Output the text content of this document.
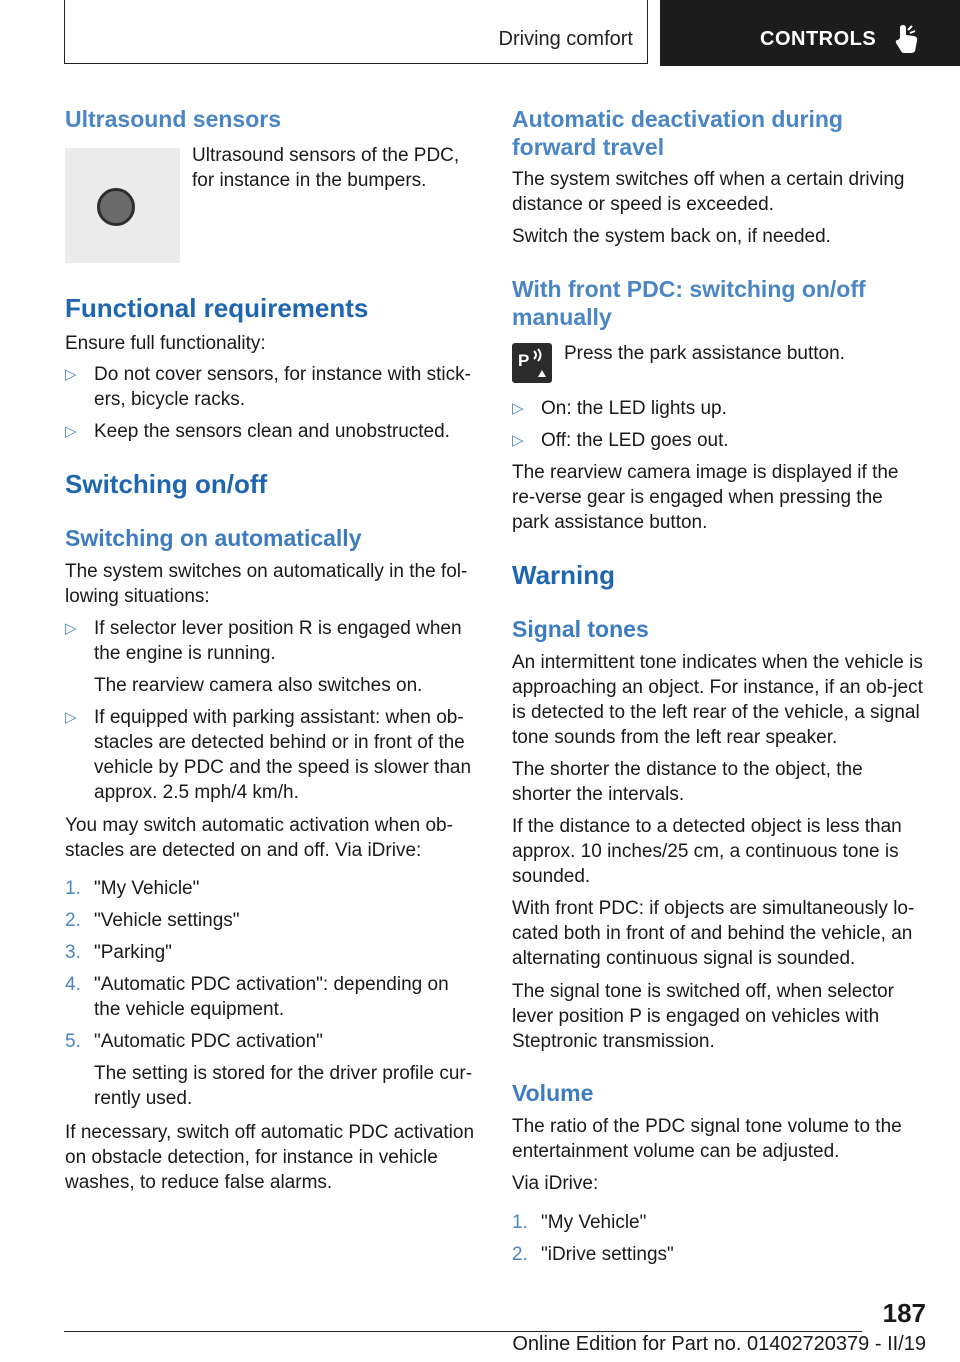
Driving comfort	CONTROLS
Ultrasound sensors

Ultrasound sensors of the PDC, for instance in the bumpers.

Functional requirements

Ensure full functionality:

▷ Do not cover sensors, for instance with stick-ers, bicycle racks.
▷ Keep the sensors clean and unobstructed.
Switching on/off
Switching on automatically

The system switches on automatically in the fol-lowing situations:

▷ If selector lever position R is engaged when the engine is running.
The rearview camera also switches on.
▷ If equipped with parking assistant: when ob-stacles are detected behind or in front of the vehicle by PDC and the speed is slower than approx. 2.5 mph/4 km/h.

You may switch automatic activation when ob-stacles are detected on and off. Via iDrive:

1. "My Vehicle"
2. "Vehicle settings"
3. "Parking"
4. "Automatic PDC activation": depending on the vehicle equipment.
5. "Automatic PDC activation"
The setting is stored for the driver profile cur-rently used.

If necessary, switch off automatic PDC activation on obstacle detection, for instance in vehicle washes, to reduce false alarms.

Automatic deactivation during forward travel

The system switches off when a certain driving distance or speed is exceeded.

Switch the system back on, if needed.

With front PDC: switching on/off manually
P Press the park assistance button.

▷ On: the LED lights up.
▷ Off: the LED goes out.

The rearview camera image is displayed if the re-verse gear is engaged when pressing the park assistance button.

Warning
Signal tones

An intermittent tone indicates when the vehicle is approaching an object. For instance, if an ob-ject is detected to the left rear of the vehicle, a signal tone sounds from the left rear speaker.

The shorter the distance to the object, the shorter the intervals.

If the distance to a detected object is less than approx. 10 inches/25 cm, a continuous tone is sounded.

With front PDC: if objects are simultaneously lo-cated both in front of and behind the vehicle, an alternating continuous signal is sounded.

The signal tone is switched off, when selector lever position P is engaged on vehicles with Steptronic transmission.

Volume

The ratio of the PDC signal tone volume to the entertainment volume can be adjusted.

Via iDrive:

1. "My Vehicle"
2. "iDrive settings"
187
Online Edition for Part no. 01402720379 - II/19
